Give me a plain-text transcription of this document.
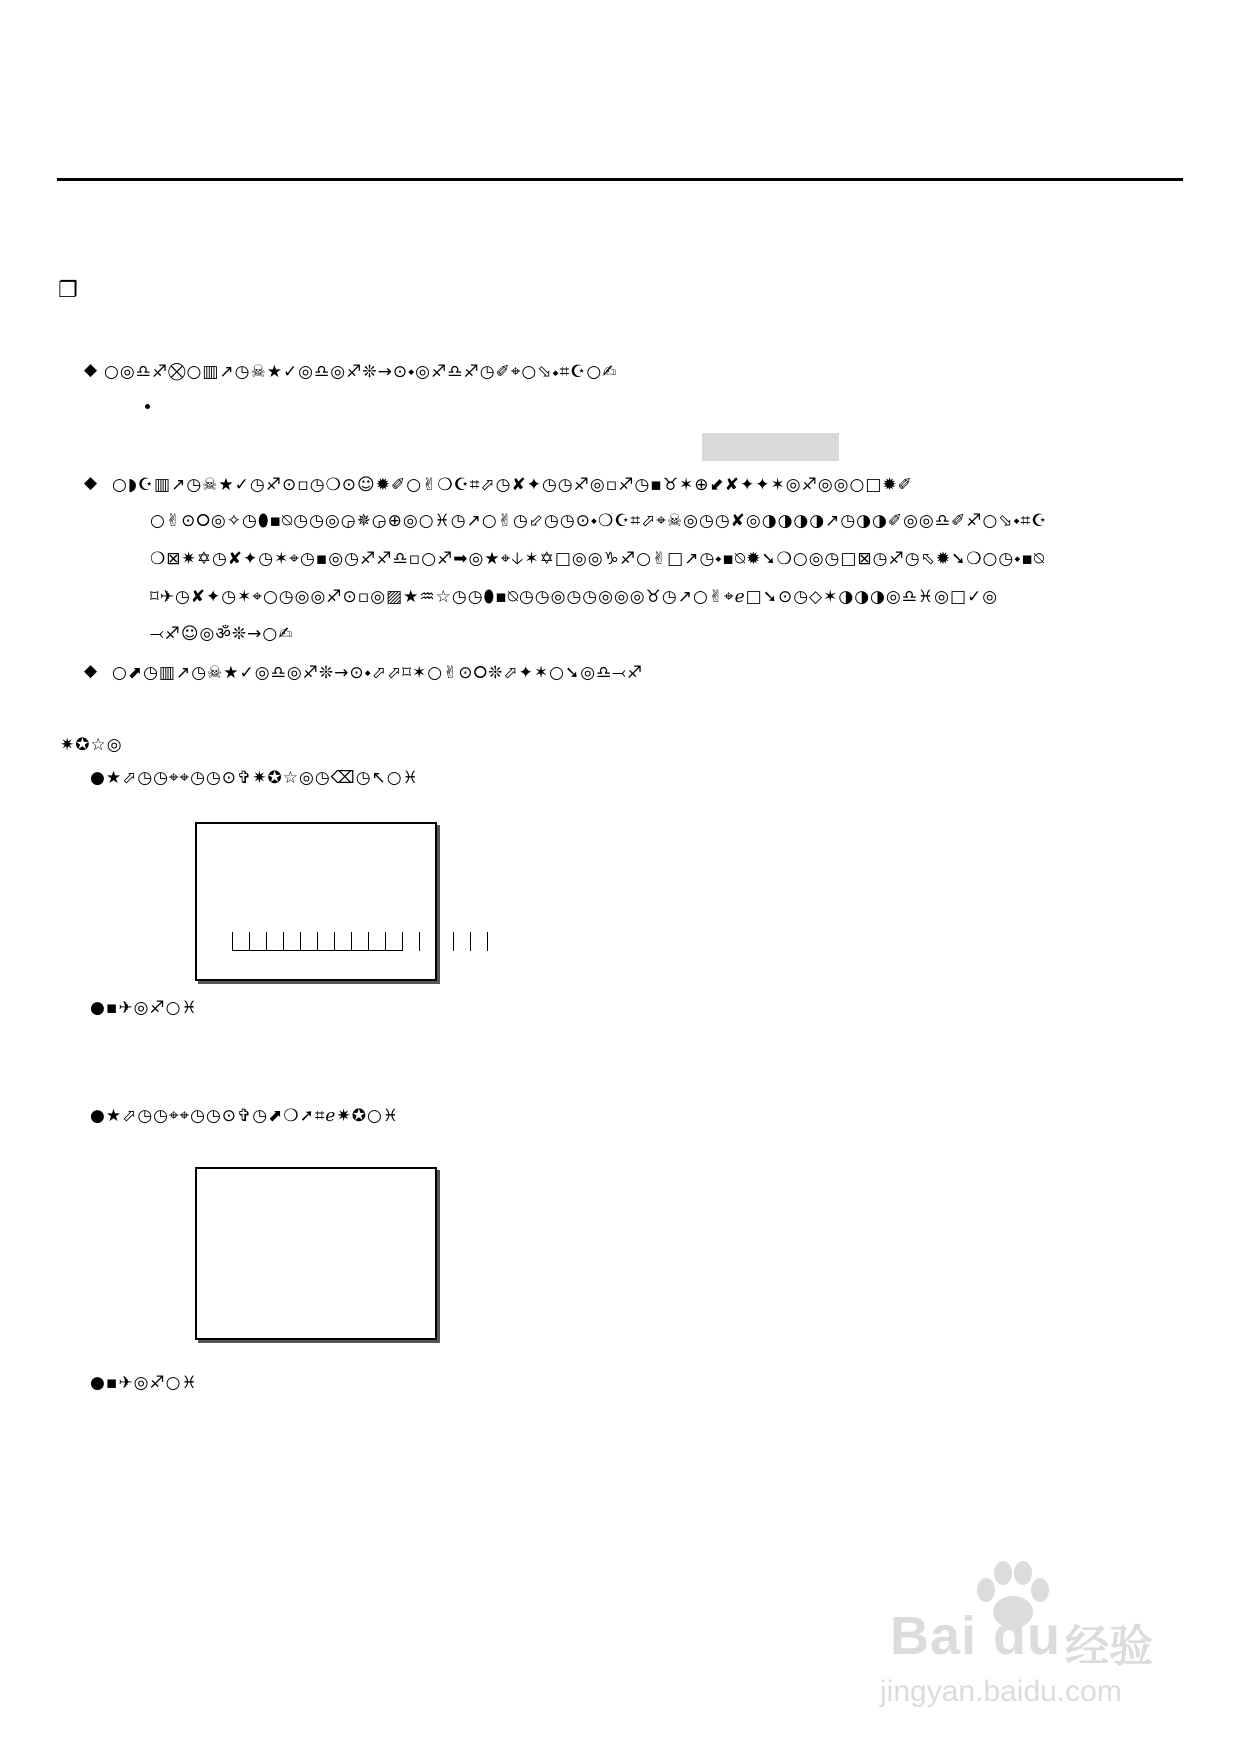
❐
◆ ○◎♎♐⛒○▥↗◷☠★✓◎♎◎♐❊→⊙⬩◎♐♎♐◷✐⌖○⬂⬩⌗☪○✍
◆ ○◗☪▥↗◷☠★✓◷♐⊙▫◷❍⊙☺✹✐○✌❍☪⌗⬀◷✘✦◷◷♐◎▫♐◷▪♉✶⊕⬋✘✦✦✶◎♐◎◎○□✹✐
○✌⊙⭘◎✧◷⬮▪⍉◷◷◎◶✵◶⊕◎○♓◷↗○✌◷⬃◷◷⊙⬩❍☪⌗⬀⌖☠◎◷◷✘◎◑◑◑◑↗◷◑◑✐◎◎♎✐♐○⬂⬩⌗☪
❍⊠✷✡◷✘✦◷✶⌖◷▪◎◷♐♐♎▫○♐➡◎★⌖🡣✶✡□◎◎♑♐○✌□↗◷⬩▪⍉✹➘❍○◎◷□⊠◷♐◷⬁✹➘❍○◷⬩▪⍉
⌑✈◷✘✦◷✶⌖○◷◎◎♐⊙▫◎▨★♒☆◷◷⬮▪⍉◷◷◎◷◷◎◎◎♉◷↗○✌⌖ℯ□➘⊙◷◇✶◑◑◑◎♎♓◎□✓◎
⤙♐☺◎ॐ❊→○✍
◆ ○⬈◷▥↗◷☠★✓◎♎◎♐❊→⊙⬩⬀⬀⌑✶○✌⊙⭘❊⬀✦✶○➘◎♎⤙♐
✷✪☆◎
●★⬀◷◷⌖⌖◷◷⊙✞✷✪☆◎◷⌫◷↖○♓
●▪✈◎♐○♓
●★⬀◷◷⌖⌖◷◷⊙✞◷⬈❍➚⌗ℯ✷✪○♓
●▪✈◎♐○♓
Bai du 经验
jingyan.baidu.com
